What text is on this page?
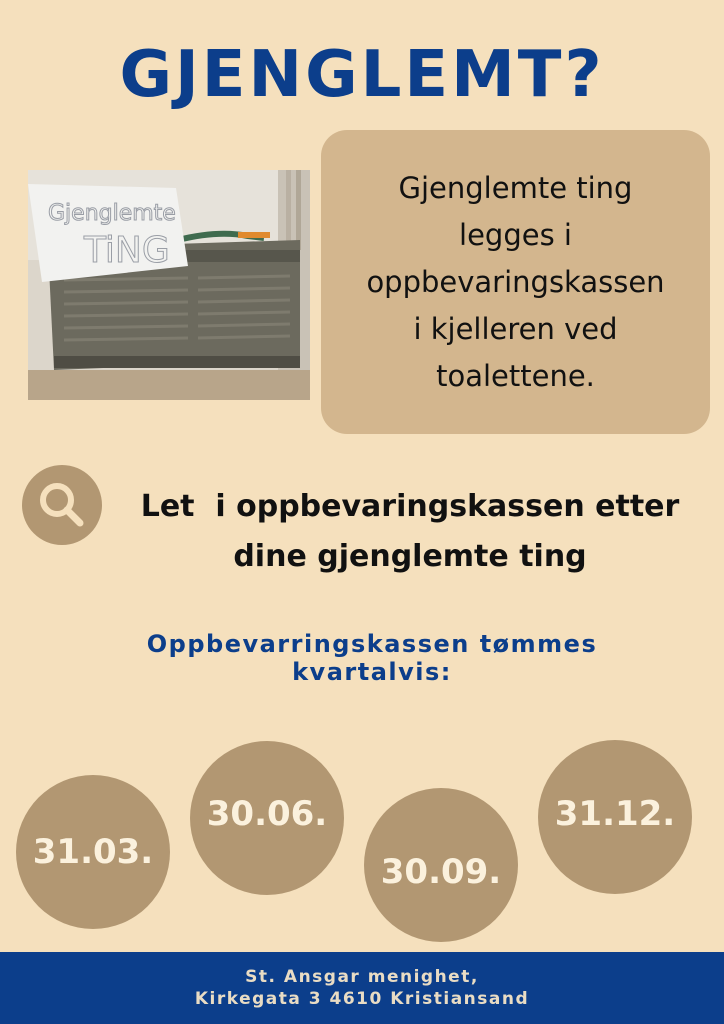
GJENGLEMT?
Gjenglemte
TiNG
Gjenglemte ting
legges i
oppbevaringskassen
i kjelleren ved
toalettene.
Let  i oppbevaringskassen etter
dine gjenglemte ting
Oppbevarringskassen tømmes
kvartalvis:
31.03.
30.06.
30.09.
31.12.
St. Ansgar menighet,
Kirkegata 3 4610 Kristiansand
